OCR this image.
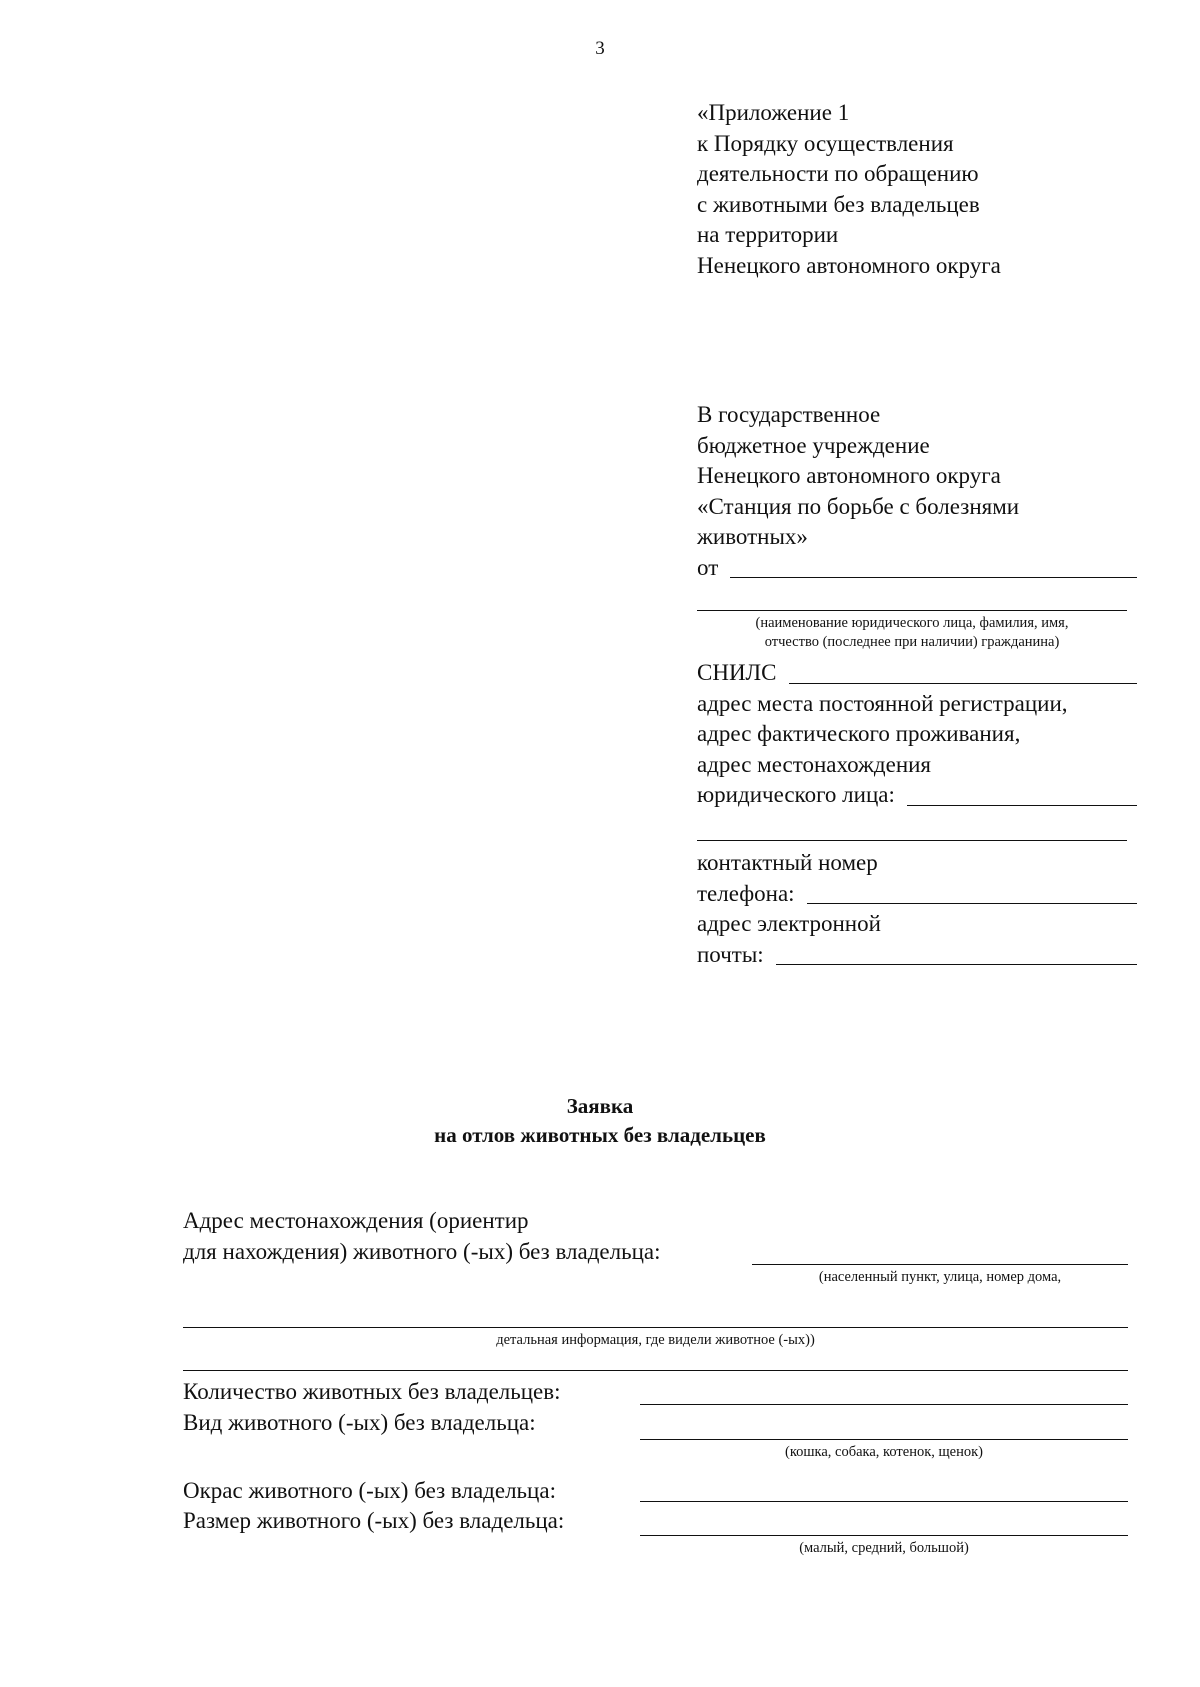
3
«Приложение 1
к Порядку осуществления
деятельности по обращению
с животными без владельцев
на территории
Ненецкого автономного округа
В государственное
бюджетное учреждение
Ненецкого автономного округа
«Станция по борьбе с болезнями
животных»
от
(наименование юридического лица, фамилия, имя,
отчество (последнее при наличии) гражданина)
СНИЛС
адрес места постоянной регистрации,
адрес фактического проживания,
адрес местонахождения
юридического лица:
контактный номер
телефона:
адрес электронной
почты:
Заявка
на отлов животных без владельцев
Адрес местонахождения (ориентир
для нахождения) животного (-ых) без владельца:
(населенный пункт, улица, номер дома,
детальная информация, где видели животное (-ых))
Количество животных без владельцев:
Вид животного (-ых) без владельца:
(кошка, собака, котенок, щенок)
Окрас животного (-ых) без владельца:
Размер животного (-ых) без владельца:
(малый, средний, большой)
